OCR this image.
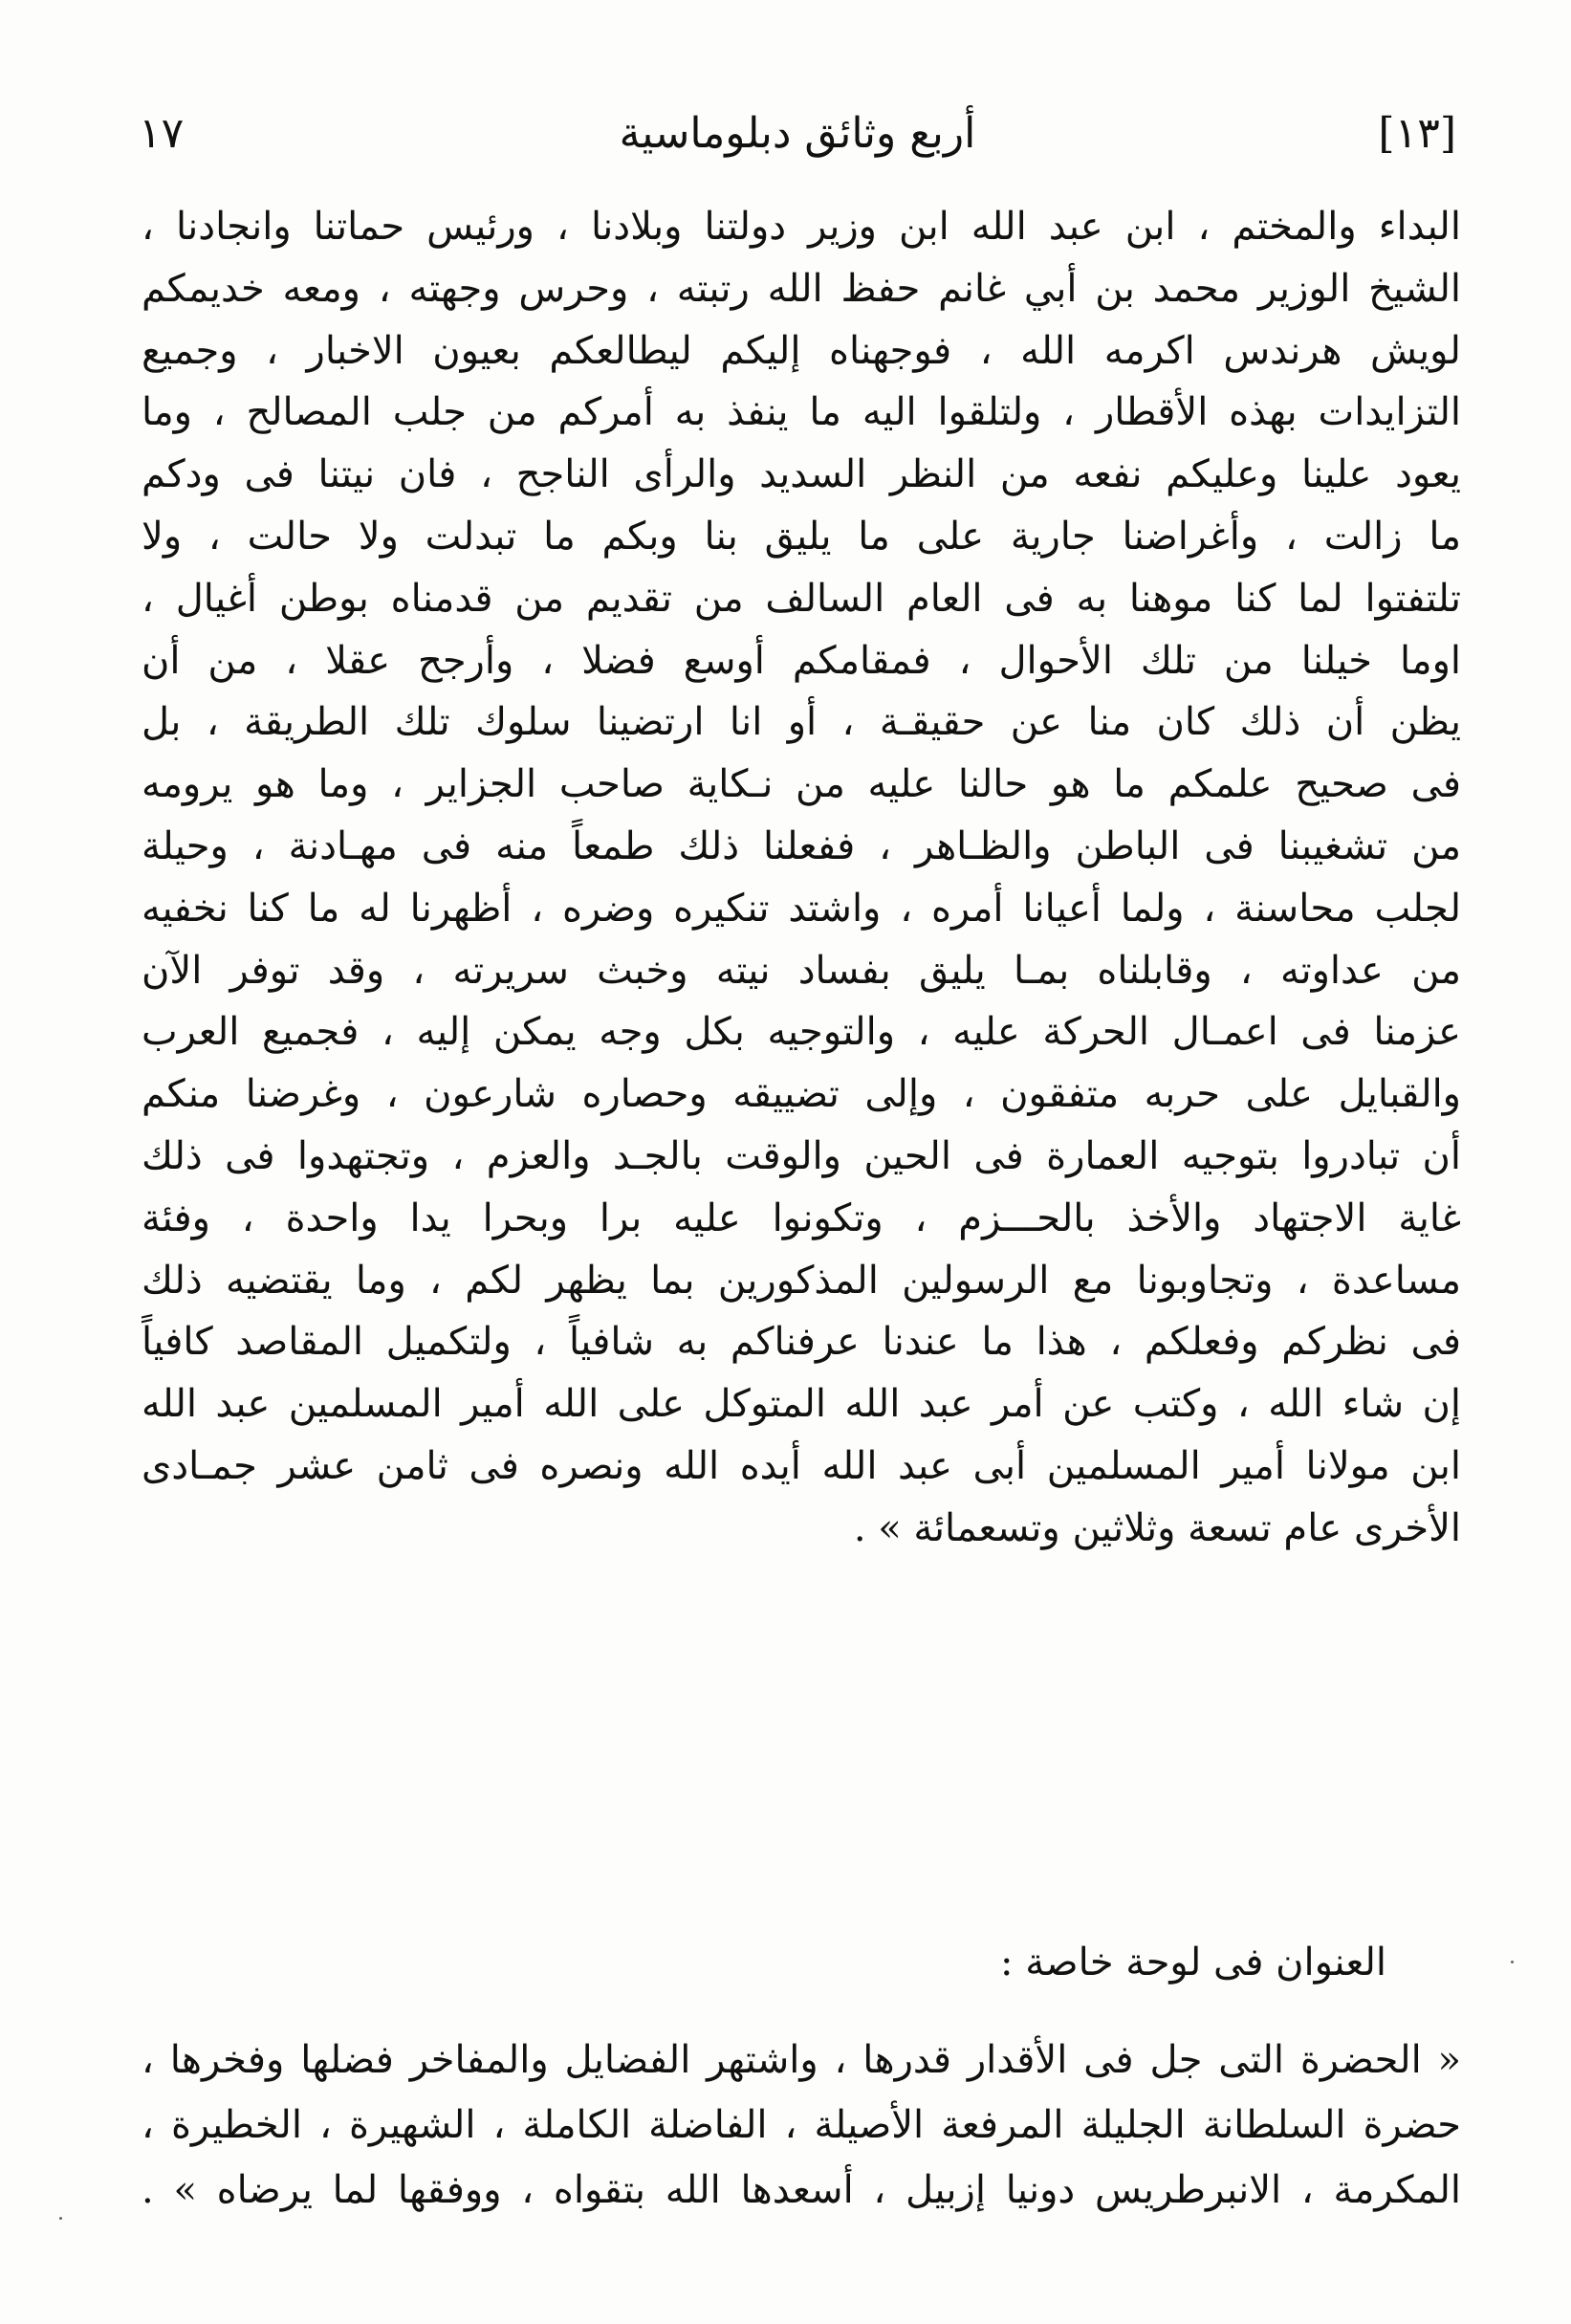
[١٣]
أربع وثائق دبلوماسية
١٧
البداء والمختم ، ابن عبد الله ابن وزير دولتنا وبلادنا ، ورئيس حماتنا وانجادنا ،
الشيخ الوزير محمد بن أبي غانم حفظ الله رتبته ، وحرس وجهته ، ومعه خديمكم
لويش هرندس اكرمه الله ، فوجهناه إليكم ليطالعكم بعيون الاخبار ، وجميع
التزايدات بهذه الأقطار ، ولتلقوا اليه ما ينفذ به أمركم من جلب المصالح ، وما
يعود علينا وعليكم نفعه من النظر السديد والرأى الناجح ، فان نيتنا فى ودكم
ما زالت ، وأغراضنا جارية على ما يليق بنا وبكم ما تبدلت ولا حالت ، ولا
تلتفتوا لما كنا موهنا به فى العام السالف من تقديم من قدمناه بوطن أغيال ،
اوما خيلنا من تلك الأحوال ، فمقامكم أوسع فضلا ، وأرجح عقلا ، من أن
يظن أن ذلك كان منا عن حقيقـة ، أو انا ارتضينا سلوك تلك الطريقة ، بل
فى صحيح علمكم ما هو حالنا عليه من نـكاية صاحب الجزاير ، وما هو يرومه
من تشغيبنا فى الباطن والظـاهر ، ففعلنا ذلك طمعاً منه فى مهـادنة ، وحيلة
لجلب محاسنة ، ولما أعيانا أمره ، واشتد تنكيره وضره ، أظهرنا له ما كنا نخفيه
من عداوته ، وقابلناه بمـا يليق بفساد نيته وخبث سريرته ، وقد توفر الآن
عزمنا فى اعمـال الحركة عليه ، والتوجيه بكل وجه يمكن إليه ، فجميع العرب
والقبايل على حربه متفقون ، وإلى تضييقه وحصاره شارعون ، وغرضنا منكم
أن تبادروا بتوجيه العمارة فى الحين والوقت بالجـد والعزم ، وتجتهدوا فى ذلك
غاية الاجتهاد والأخذ بالحـــزم ، وتكونوا عليه برا وبحرا يدا واحدة ، وفئة
مساعدة ، وتجاوبونا مع الرسولين المذكورين بما يظهر لكم ، وما يقتضيه ذلك
فى نظركم وفعلكم ، هذا ما عندنا عرفناكم به شافياً ، ولتكميل المقاصد كافياً
إن شاء الله ، وكتب عن أمر عبد الله المتوكل على الله أمير المسلمين عبد الله
ابن مولانا أمير المسلمين أبى عبد الله أيده الله ونصره فى ثامن عشر جمـادى
الأخرى عام تسعة وثلاثين وتسعمائة » .
العنوان فى لوحة خاصة :
« الحضرة التى جل فى الأقدار قدرها ، واشتهر الفضايل والمفاخر فضلها وفخرها ،
حضرة السلطانة الجليلة المرفعة الأصيلة ، الفاضلة الكاملة ، الشهيرة ، الخطيرة ،
المكرمة ، الانبرطريس دونيا إزبيل ، أسعدها الله بتقواه ، ووفقها لما يرضاه » .
